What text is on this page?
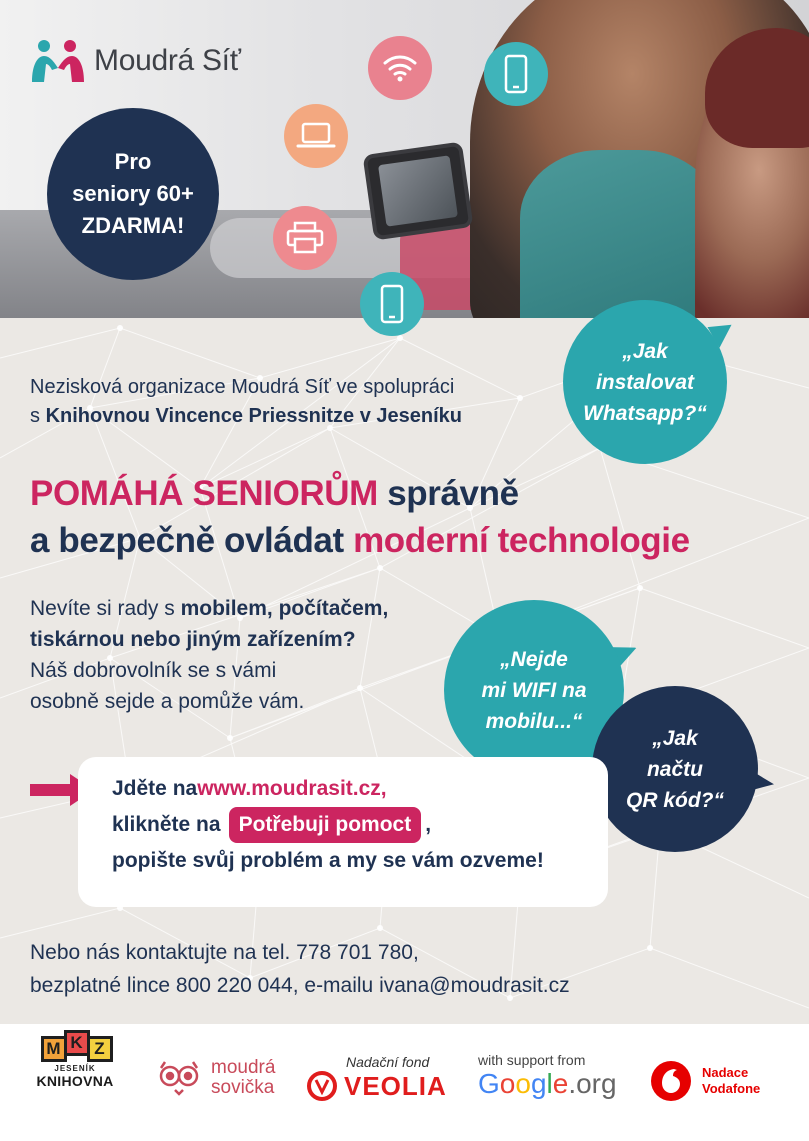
Moudrá Síť
Pro
seniory 60+
ZDARMA!
„Jak
instalovat
Whatsapp?“
„Nejde
mi WIFI na
mobilu...“
„Jak
načtu
QR kód?“
Nezisková organizace Moudrá Síť ve spolupráci
s Knihovnou Vincence Priessnitze v Jeseníku
POMÁHÁ SENIORŮM správně
a bezpečně ovládat moderní technologie
Nevíte si rady s mobilem, počítačem,
tiskárnou nebo jiným zařízením?
Náš dobrovolník se s vámi
osobně sejde a pomůže vám.
Jděte na www.moudrasit.cz,
klikněte na Potřebuji pomoct ,
popište svůj problém a my se vám ozveme!
Nebo nás kontaktujte na tel. 778 701 780,
bezplatné lince 800 220 044, e-mailu ivana@moudrasit.cz
M K Z
JESENÍK
KNIHOVNA
moudrá
sovička
Nadační fond
VEOLIA
with support from
Google.org	Nadace
Vodafone
